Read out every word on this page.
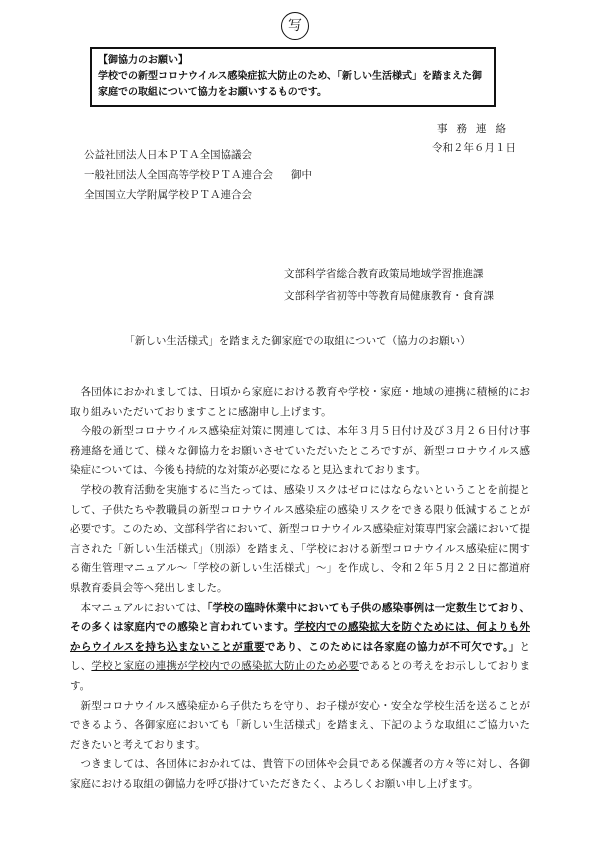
写
【御協力のお願い】
学校での新型コロナウイルス感染症拡大防止のため、「新しい生活様式」を踏まえた御家庭での取組について協力をお願いするものです。
事務連絡
令和２年６月１日
公益社団法人日本ＰＴＡ全国協議会
一般社団法人全国高等学校ＰＴＡ連合会 御中
全国国立大学附属学校ＰＴＡ連合会
文部科学省総合教育政策局地域学習推進課
文部科学省初等中等教育局健康教育・食育課
「新しい生活様式」を踏まえた御家庭での取組について（協力のお願い）

各団体におかれましては、日頃から家庭における教育や学校・家庭・地域の連携に積極的にお取り組みいただいておりますことに感謝申し上げます。

今般の新型コロナウイルス感染症対策に関連しては、本年３月５日付け及び３月２６日付け事務連絡を通じて、様々な御協力をお願いさせていただいたところですが、新型コロナウイルス感染症については、今後も持続的な対策が必要になると見込まれております。

学校の教育活動を実施するに当たっては、感染リスクはゼロにはならないということを前提として、子供たちや教職員の新型コロナウイルス感染症の感染リスクをできる限り低減することが必要です。このため、文部科学省において、新型コロナウイルス感染症対策専門家会議において提言された「新しい生活様式」（別添）を踏まえ、「学校における新型コロナウイルス感染症に関する衛生管理マニュアル～「学校の新しい生活様式」～」を作成し、令和２年５月２２日に都道府県教育委員会等へ発出しました。

本マニュアルにおいては、「学校の臨時休業中においても子供の感染事例は一定数生じており、その多くは家庭内での感染と言われています。学校内での感染拡大を防ぐためには、何よりも外からウイルスを持ち込まないことが重要であり、このためには各家庭の協力が不可欠です。」とし、学校と家庭の連携が学校内での感染拡大防止のため必要であるとの考えをお示ししております。

新型コロナウイルス感染症から子供たちを守り、お子様が安心・安全な学校生活を送ることができるよう、各御家庭においても「新しい生活様式」を踏まえ、下記のような取組にご協力いただきたいと考えております。

つきましては、各団体におかれては、貴管下の団体や会員である保護者の方々等に対し、各御家庭における取組の御協力を呼び掛けていただきたく、よろしくお願い申し上げます。
